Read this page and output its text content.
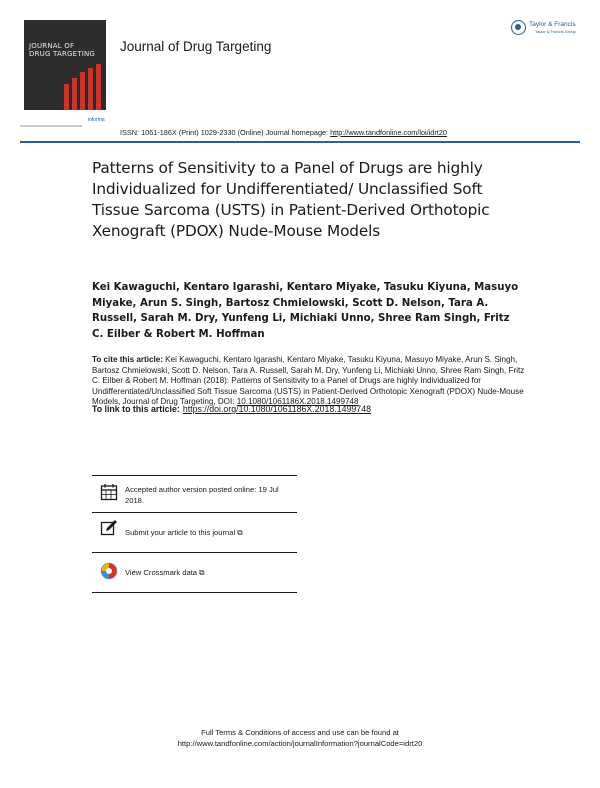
JOURNAL OF
DRUG TARGETING
informa
Journal of Drug Targeting
Taylor & Francis
Taylor & Francis Group
ISSN: 1061-186X (Print) 1029-2330 (Online) Journal homepage: http://www.tandfonline.com/loi/idrt20
Patterns of Sensitivity to a Panel of Drugs are highly Individualized for Undifferentiated/ Unclassified Soft Tissue Sarcoma (USTS) in Patient-Derived Orthotopic Xenograft (PDOX) Nude-Mouse Models
Kei Kawaguchi, Kentaro Igarashi, Kentaro Miyake, Tasuku Kiyuna, Masuyo Miyake, Arun S. Singh, Bartosz Chmielowski, Scott D. Nelson, Tara A. Russell, Sarah M. Dry, Yunfeng Li, Michiaki Unno, Shree Ram Singh, Fritz C. Eilber & Robert M. Hoffman
To cite this article: Kei Kawaguchi, Kentaro Igarashi, Kentaro Miyake, Tasuku Kiyuna, Masuyo Miyake, Arun S. Singh, Bartosz Chmielowski, Scott D. Nelson, Tara A. Russell, Sarah M. Dry, Yunfeng Li, Michiaki Unno, Shree Ram Singh, Fritz C. Eilber & Robert M. Hoffman (2018): Patterns of Sensitivity to a Panel of Drugs are highly Individualized for Undifferentiated/Unclassified Soft Tissue Sarcoma (USTS) in Patient-Derived Orthotopic Xenograft (PDOX) Nude-Mouse Models, Journal of Drug Targeting, DOI: 10.1080/1061186X.2018.1499748
To link to this article: https://doi.org/10.1080/1061186X.2018.1499748
Accepted author version posted online: 19 Jul 2018.
Submit your article to this journal ⧉
View Crossmark data ⧉
Full Terms & Conditions of access and use can be found at
http://www.tandfonline.com/action/journalInformation?journalCode=idrt20
